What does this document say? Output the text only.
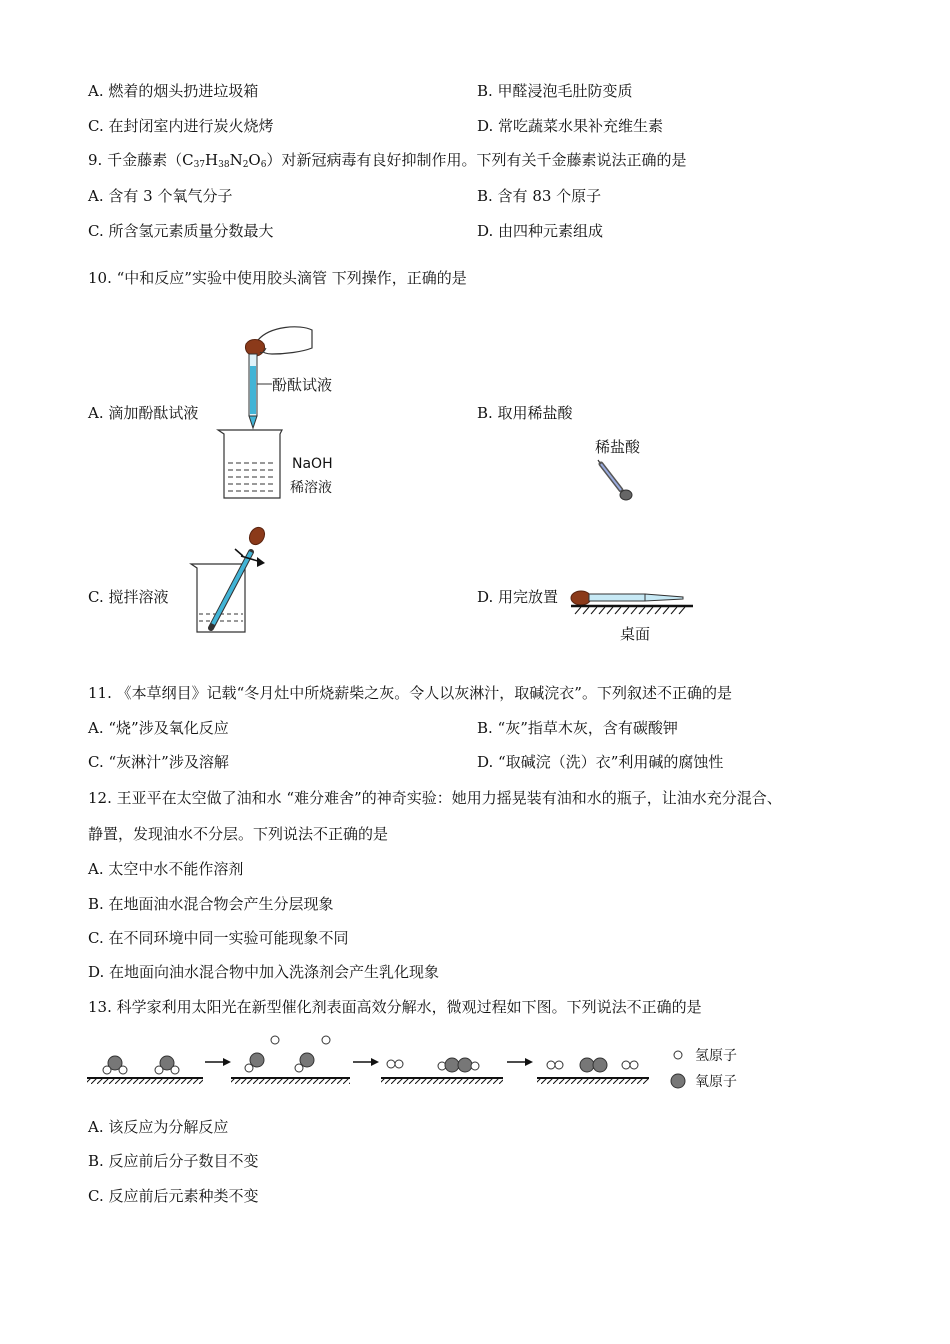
A. 燃着的烟头扔进垃圾箱	B. 甲醛浸泡毛肚防变质
C. 在封闭室内进行炭火烧烤	D. 常吃蔬菜水果补充维生素
9. 千金藤素$(C_{37}H_{38}N_2O_6)$对新冠病毒有良好抑制作用。下列有关千金藤素说法正确的是
A. 含有 3 个氧气分子	B. 含有 83 个原子
C. 所含氢元素质量分数最大	D. 由四种元素组成
10. “中和反应”实验中使用胶头滴管 下列操作，正确的是
A. 滴加酚酞试液	B. 取用稀盐酸
C. 搅拌溶液	D. 用完放置
酚酞试液
NaOH
稀溶液
稀盐酸
桌面
11. 《本草纲目》记载“冬月灶中所烧薪柴之灰。令人以灰淋汁，取碱浣衣”。下列叙述不正确的是
A. “烧”涉及氧化反应	B. “灰”指草木灰，含有碳酸钾
C. “灰淋汁”涉及溶解	D. “取碱浣（洗）衣”利用碱的腐蚀性
12. 王亚平在太空做了油和水 “难分难舍”的神奇实验：她用力摇晃装有油和水的瓶子，让油水充分混合、
静置，发现油水不分层。下列说法不正确的是
A. 太空中水不能作溶剂
B. 在地面油水混合物会产生分层现象
C. 在不同环境中同一实验可能现象不同
D. 在地面向油水混合物中加入洗涤剂会产生乳化现象
13. 科学家利用太阳光在新型催化剂表面高效分解水，微观过程如下图。下列说法不正确的是
氢原子
氧原子
A. 该反应为分解反应
B. 反应前后分子数目不变
C. 反应前后元素种类不变
